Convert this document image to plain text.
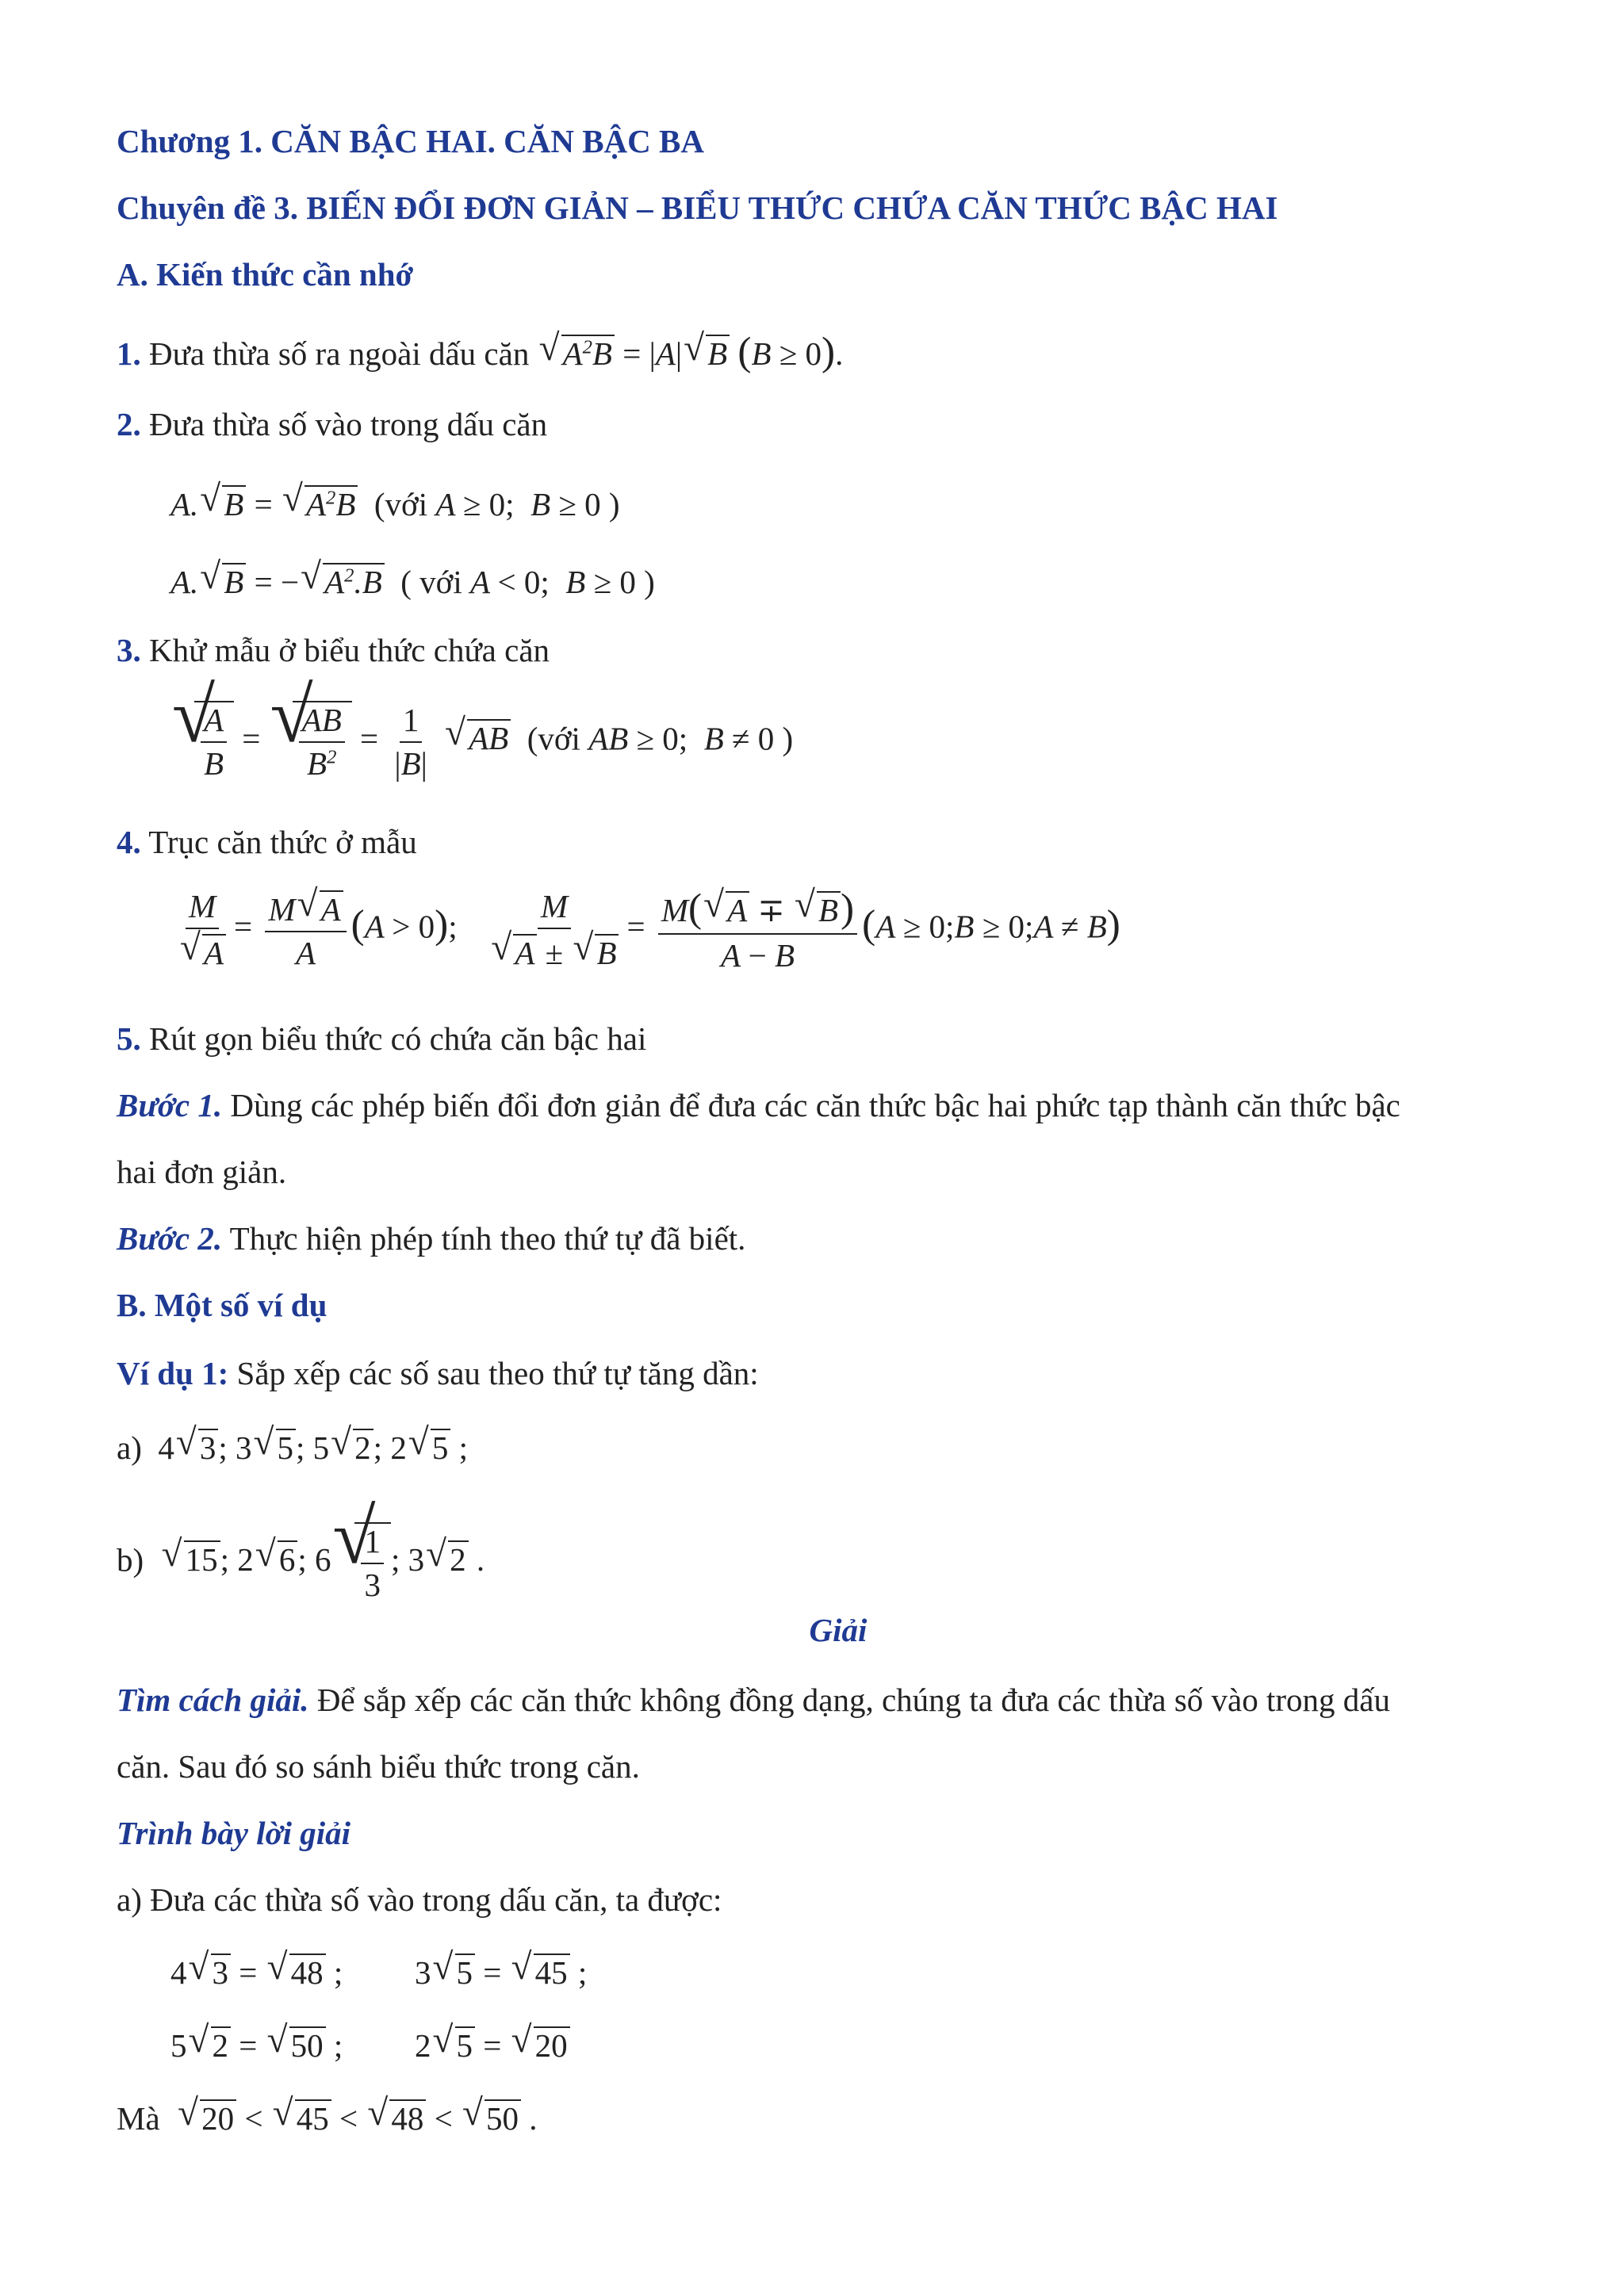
Chương 1. CĂN BẬC HAI. CĂN BẬC BA
Chuyên đề 3. BIẾN ĐỔI ĐƠN GIẢN – BIỂU THỨC CHỨA CĂN THỨC BẬC HAI
A. Kiến thức cần nhớ
1. Đưa thừa số ra ngoài dấu căn √ $A^2B = |A|√$ B (B ≥ 0).
2. Đưa thừa số vào trong dấu căn
A.√ B = √ $A^2B$  (với A ≥ 0;  B ≥ 0 )
A.√ B = −√ $A^2.B$  ( với A < 0;  B ≥ 0 )
3. Khử mẫu ở biểu thức chứa căn
√ $\frac{A}{B}$ =
√ $\frac{AB}{B^2} = \frac{1}{|B|}$
√ AB  (với AB ≥ 0;  B ≠ 0 )
4. Trục căn thức ở mẫu
M
√ $A = \frac{M√ A}{A} (A > 0)$; M
√ A ± √ $B = \frac{M(√ A \mp √ B)}{A - B} (A$ ≥ 0;B ≥ 0;A ≠ B)
5. Rút gọn biểu thức có chứa căn bậc hai
Bước 1. Dùng các phép biến đổi đơn giản để đưa các căn thức bậc hai phức tạp thành căn thức bậc
hai đơn giản.
Bước 2. Thực hiện phép tính theo thứ tự đã biết.
B. Một số ví dụ
Ví dụ 1: Sắp xếp các số sau theo thứ tự tăng dần:
a)  4√ 3; 3√ 5; 5√ 2; 2√ 5 ;
b)  √ 15; 2√ 6; 6
√ $\frac{1}{3}$ ; 3√ 2 .
Giải
Tìm cách giải. Để sắp xếp các căn thức không đồng dạng, chúng ta đưa các thừa số vào trong dấu
căn. Sau đó so sánh biểu thức trong căn.
Trình bày lời giải
a) Đưa các thừa số vào trong dấu căn, ta được:
4√ 3 = √ 48 ; 3√ 5 = √ 45 ;
5√ 2 = √ 50 ; 2√ 5 = √ 20
Mà  √ 20 < √ 45 < √ 48 < √ 50 .
